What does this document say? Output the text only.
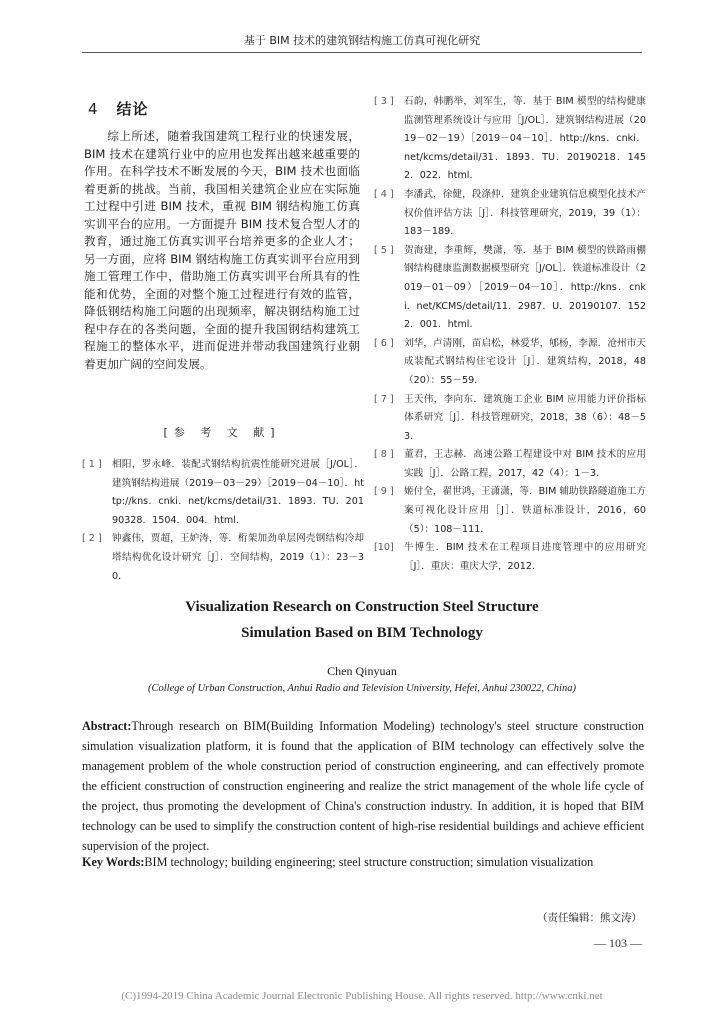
基于 BIM 技术的建筑钢结构施工仿真可视化研究
4 结论
综上所述，随着我国建筑工程行业的快速发展，BIM 技术在建筑行业中的应用也发挥出越来越重要的作用。在科学技术不断发展的今天，BIM 技术也面临着更新的挑战。当前，我国相关建筑企业应在实际施工过程中引进 BIM 技术，重视 BIM 钢结构施工仿真实训平台的应用。一方面提升 BIM 技术复合型人才的教育，通过施工仿真实训平台培养更多的企业人才；另一方面，应将 BIM 钢结构施工仿真实训平台应用到施工管理工作中，借助施工仿真实训平台所具有的性能和优势，全面的对整个施工过程进行有效的监管，降低钢结构施工问题的出现频率，解决钢结构施工过程中存在的各类问题，全面的提升我国钢结构建筑工程施工的整体水平，进而促进并带动我国建筑行业朝着更加广阔的空间发展。
[参 考 文 献]
[ 1 ]	相阳，罗永峰．装配式钢结构抗震性能研究进展［J/OL］．建筑钢结构进展（2019－03－29）［2019－04－10］．http://kns．cnki．net/kcms/detail/31．1893．TU．20190328．1504．004．html．
[ 2 ]	钟鑫伟，贾超，王妒涛，等．桁架加劲单层网壳钢结构冷却塔结构优化设计研究［J］．空间结构，2019（1）：23－30．
[ 3 ]	石韵，韩鹏举，刘军生，等．基于 BIM 模型的结构健康监测管理系统设计与应用［J/OL］．建筑钢结构进展（2019－02－19）［2019－04－10］．http://kns．cnki．net/kcms/detail/31．1893．TU．20190218．1452．022．html．
[ 4 ]	李潘武，徐健，段涤仲．建筑企业建筑信息模型化技术产权价值评估方法［J］．科技管理研究，2019，39（1）：183－189．
[ 5 ]	贺海建，李重辉，樊潇，等．基于 BIM 模型的铁路雨棚钢结构健康监测数据模型研究［J/OL］．铁道标准设计（2019－01－09）［2019－04－10］．http://kns．cnki．net/KCMS/detail/11．2987．U．20190107．1522．001．html．
[ 6 ]	刘华，卢清刚，苗启松，林爱华，郇杨，李源．沧州市天成装配式钢结构住宅设计［J］．建筑结构，2018，48（20）：55－59．
[ 7 ]	王天伟，李向东．建筑施工企业 BIM 应用能力评价指标体系研究［J］．科技管理研究，2018，38（6）：48－53．
[ 8 ]	董君，王志赫．高速公路工程建设中对 BIM 技术的应用实践［J］．公路工程，2017，42（4）：1－3．
[ 9 ]	姬付全，翟世鸿，王潇潇，等．BIM 辅助铁路隧道施工方案可视化设计应用［J］．铁道标准设计，2016，60（5）：108－111．
[10]	牛博生．BIM 技术在工程项目进度管理中的应用研究［J］．重庆：重庆大学，2012．
Visualization Research on Construction Steel Structure
Simulation Based on BIM Technology
Chen Qinyuan
(College of Urban Construction, Anhui Radio and Television University, Hefei, Anhui 230022, China)
Abstract:Through research on BIM(Building Information Modeling) technology's steel structure construction simulation visualization platform, it is found that the application of BIM technology can effectively solve the management problem of the whole construction period of construction engineering, and can effectively promote the efficient construction of construction engineering and realize the strict management of the whole life cycle of the project, thus promoting the development of China's construction industry. In addition, it is hoped that BIM technology can be used to simplify the construction content of high-rise residential buildings and achieve efficient supervision of the project.
Key Words:BIM technology; building engineering; steel structure construction; simulation visualization
（责任编辑：熊文涛）
— 103 —
(C)1994-2019 China Academic Journal Electronic Publishing House. All rights reserved. http://www.cnki.net
